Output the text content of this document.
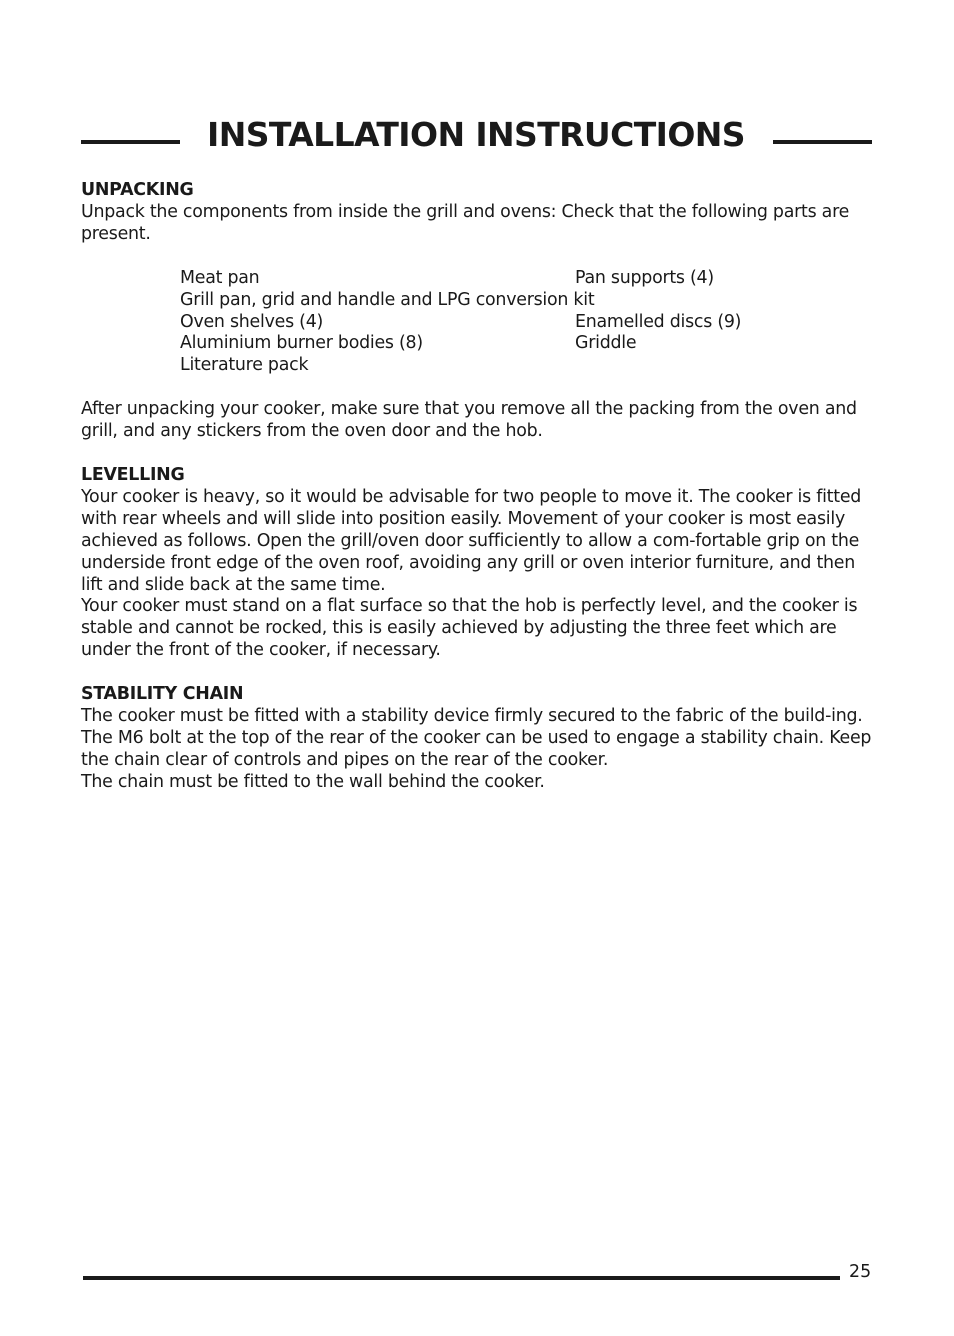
INSTALLATION INSTRUCTIONS
UNPACKING

Unpack the components from inside the grill and ovens: Check that the following parts are present.

Meat pan	Pan supports (4)
Grill pan, grid and handle and LPG conversion kit
Oven shelves (4)	Enamelled discs (9)
Aluminium burner bodies (8)	Griddle
Literature pack

After unpacking your cooker, make sure that you remove all the packing from the oven and grill, and any stickers from the oven door and the hob.

LEVELLING

Your cooker is heavy, so it would be advisable for two people to move it. The cooker is fitted with rear wheels and will slide into position easily. Movement of your cooker is most easily achieved as follows. Open the grill/oven door sufficiently to allow a com-fortable grip on the underside front edge of the oven roof, avoiding any grill or oven interior furniture, and then lift and slide back at the same time.

Your cooker must stand on a flat surface so that the hob is perfectly level, and the cooker is stable and cannot be rocked, this is easily achieved by adjusting the three feet which are under the front of the cooker, if necessary.

STABILITY CHAIN

The cooker must be fitted with a stability device firmly secured to the fabric of the build-ing. The M6 bolt at the top of the rear of the cooker can be used to engage a stability chain. Keep the chain clear of controls and pipes on the rear of the cooker.

The chain must be fitted to the wall behind the cooker.

25
